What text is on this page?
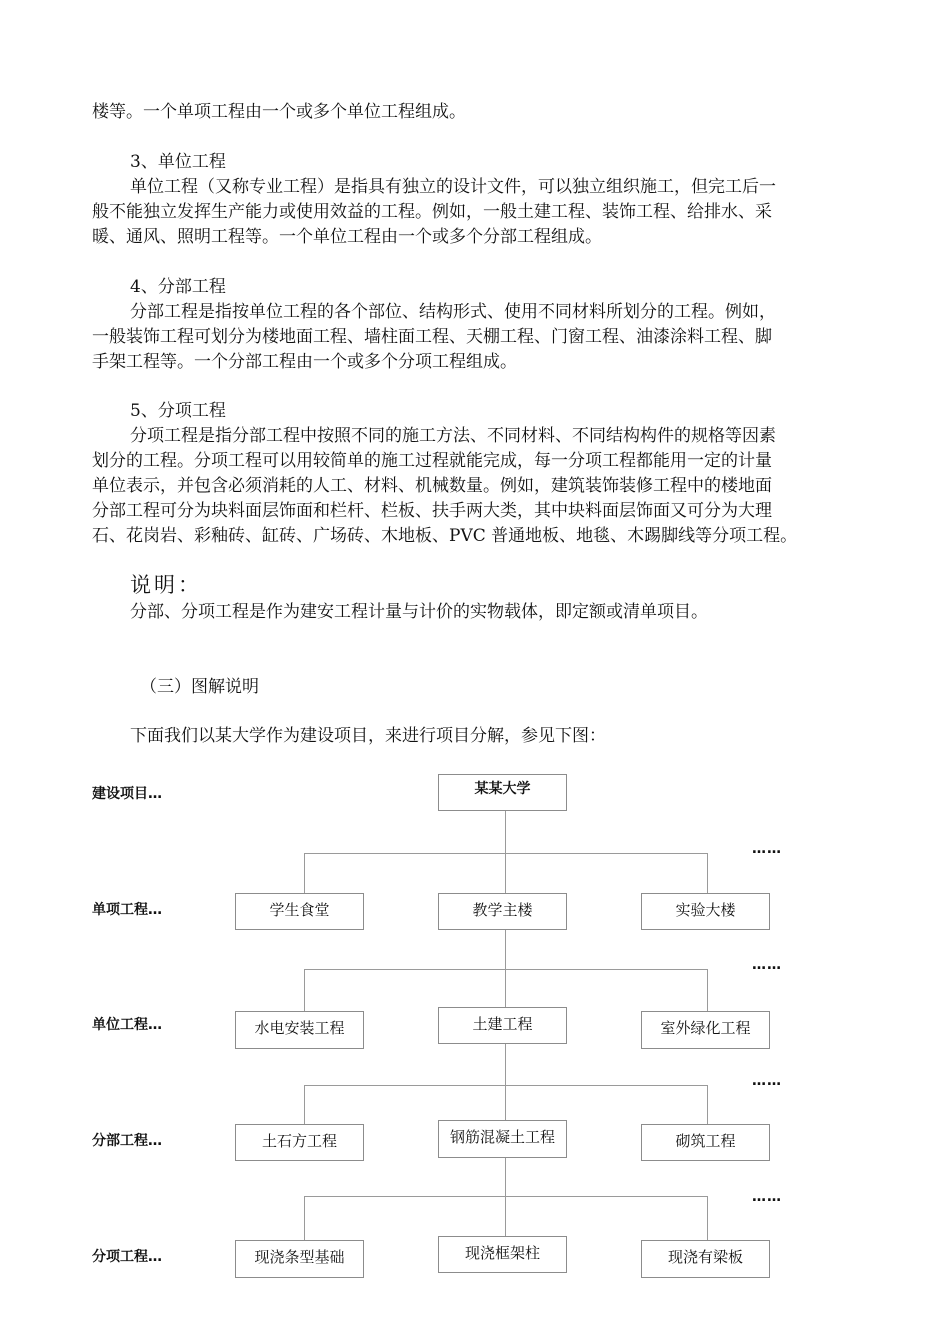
楼等。一个单项工程由一个或多个单位工程组成。
3、单位工程
单位工程（又称专业工程）是指具有独立的设计文件，可以独立组织施工，但完工后一
般不能独立发挥生产能力或使用效益的工程。例如，一般土建工程、装饰工程、给排水、采
暖、通风、照明工程等。一个单位工程由一个或多个分部工程组成。
4、分部工程
分部工程是指按单位工程的各个部位、结构形式、使用不同材料所划分的工程。例如，
一般装饰工程可划分为楼地面工程、墙柱面工程、天棚工程、门窗工程、油漆涂料工程、脚
手架工程等。一个分部工程由一个或多个分项工程组成。
5、分项工程
分项工程是指分部工程中按照不同的施工方法、不同材料、不同结构构件的规格等因素
划分的工程。分项工程可以用较简单的施工过程就能完成，每一分项工程都能用一定的计量
单位表示，并包含必须消耗的人工、材料、机械数量。例如，建筑装饰装修工程中的楼地面
分部工程可分为块料面层饰面和栏杆、栏板、扶手两大类，其中块料面层饰面又可分为大理
石、花岗岩、彩釉砖、缸砖、广场砖、木地板、PVC 普通地板、地毯、木踢脚线等分项工程。
说明：
分部、分项工程是作为建安工程计量与计价的实物载体，即定额或清单项目。
（三）图解说明
下面我们以某大学作为建设项目，来进行项目分解，参见下图：
建设项目…
单项工程…
单位工程…
分部工程…
分项工程…
……
……
……
……
某某大学
学生食堂	教学主楼	实验大楼
水电安装工程	土建工程	室外绿化工程
土石方工程	钢筋混凝土工程	砌筑工程
现浇条型基础	现浇框架柱	现浇有梁板
